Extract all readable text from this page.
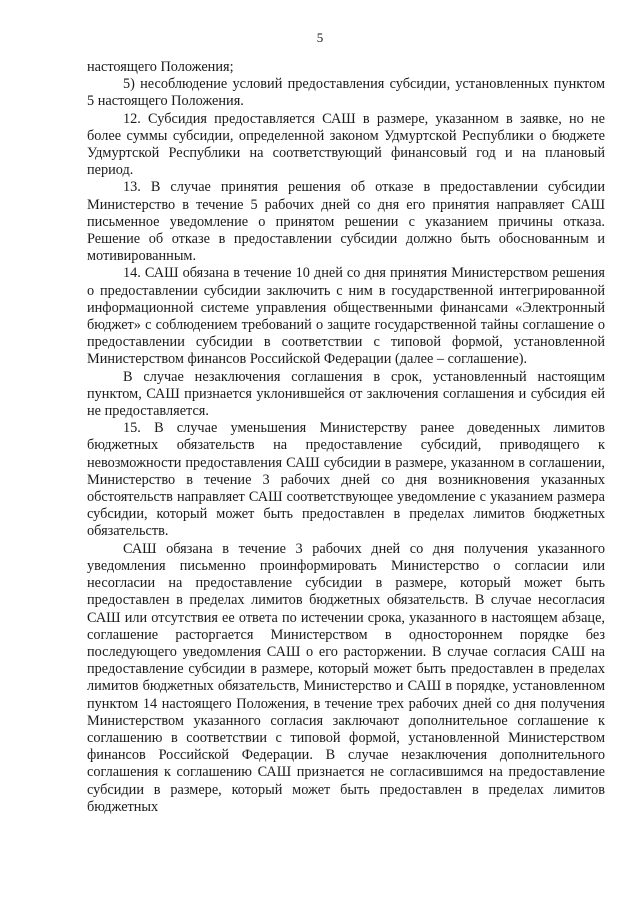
5

настоящего Положения;

5) несоблюдение условий предоставления субсидии, установленных пунктом 5 настоящего Положения.

12. Субсидия предоставляется САШ в размере, указанном в заявке, но не более суммы субсидии, определенной законом Удмуртской Республики о бюджете Удмуртской Республики на соответствующий финансовый год и на плановый период.

13. В случае принятия решения об отказе в предоставлении субсидии Министерство в течение 5 рабочих дней со дня его принятия направляет САШ письменное уведомление о принятом решении с указанием причины отказа. Решение об отказе в предоставлении субсидии должно быть обоснованным и мотивированным.

14. САШ обязана в течение 10 дней со дня принятия Министерством решения о предоставлении субсидии заключить с ним в государственной интегрированной информационной системе управления общественными финансами «Электронный бюджет» с соблюдением требований о защите государственной тайны соглашение о предоставлении субсидии в соответствии с типовой формой, установленной Министерством финансов Российской Федерации (далее – соглашение).

В случае незаключения соглашения в срок, установленный настоящим пунктом, САШ признается уклонившейся от заключения соглашения и субсидия ей не предоставляется.

15. В случае уменьшения Министерству ранее доведенных лимитов бюджетных обязательств на предоставление субсидий, приводящего к невозможности предоставления САШ субсидии в размере, указанном в соглашении, Министерство в течение 3 рабочих дней со дня возникновения указанных обстоятельств направляет САШ соответствующее уведомление с указанием размера субсидии, который может быть предоставлен в пределах лимитов бюджетных обязательств.

САШ обязана в течение 3 рабочих дней со дня получения указанного уведомления письменно проинформировать Министерство о согласии или несогласии на предоставление субсидии в размере, который может быть предоставлен в пределах лимитов бюджетных обязательств. В случае несогласия САШ или отсутствия ее ответа по истечении срока, указанного в настоящем абзаце, соглашение расторгается Министерством в одностороннем порядке без последующего уведомления САШ о его расторжении. В случае согласия САШ на предоставление субсидии в размере, который может быть предоставлен в пределах лимитов бюджетных обязательств, Министерство и САШ в порядке, установленном пунктом 14 настоящего Положения, в течение трех рабочих дней со дня получения Министерством указанного согласия заключают дополнительное соглашение к соглашению в соответствии с типовой формой, установленной Министерством финансов Российской Федерации. В случае незаключения дополнительного соглашения к соглашению САШ признается не согласившимся на предоставление субсидии в размере, который может быть предоставлен в пределах лимитов бюджетных
